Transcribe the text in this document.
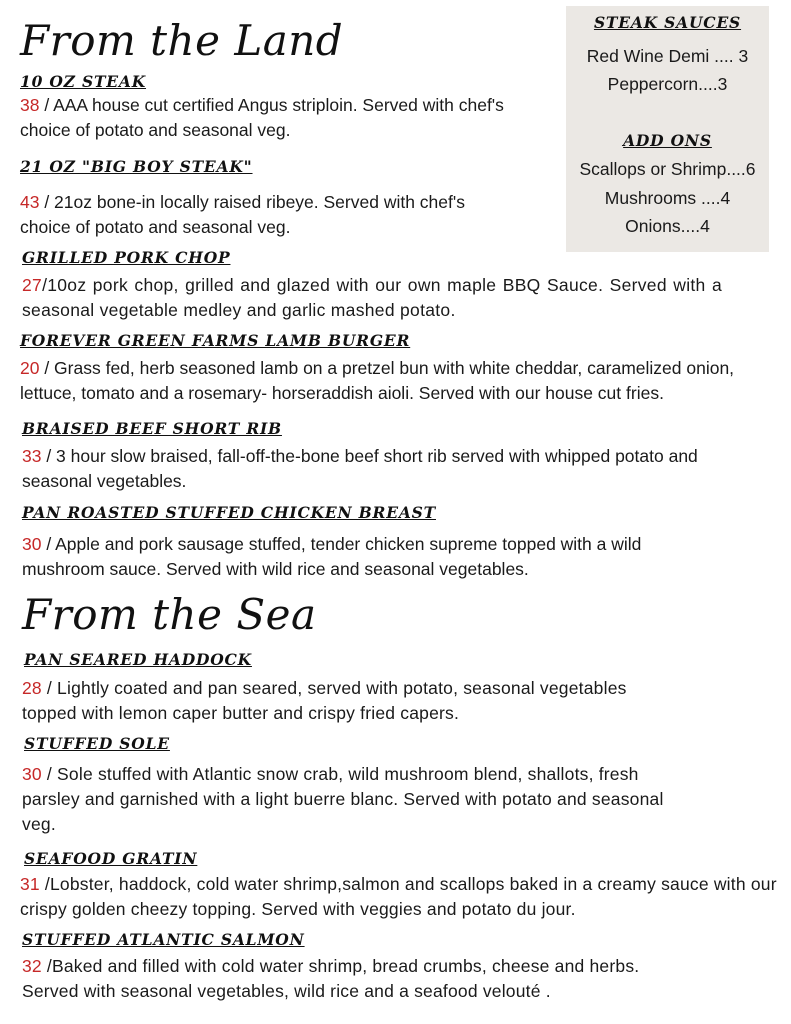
From the Land	STEAK SAUCES

Red Wine Demi .... 3

Peppercorn....3

ADD ONS

Scallops or Shrimp....6

Mushrooms ....4

Onions....4

10 OZ STEAK

38 / AAA house cut certified Angus striploin. Served with chef's choice of potato and seasonal veg.

21 OZ "BIG BOY STEAK"

43 / 21oz bone-in locally raised ribeye. Served with chef's choice of potato and seasonal veg.

GRILLED PORK CHOP

27/10oz pork chop, grilled and glazed with our own maple BBQ Sauce. Served with a seasonal vegetable medley and garlic mashed potato.

FOREVER GREEN FARMS LAMB BURGER

20 / Grass fed, herb seasoned lamb on a pretzel bun with white cheddar, caramelized onion, lettuce, tomato and a rosemary- horseraddish aioli. Served with our house cut fries.

BRAISED BEEF SHORT RIB

33 / 3 hour slow braised, fall-off-the-bone beef short rib served with whipped potato and seasonal vegetables.

PAN ROASTED STUFFED CHICKEN BREAST

30 / Apple and pork sausage stuffed, tender chicken supreme topped with a wild mushroom sauce. Served with wild rice and seasonal vegetables.

From the Sea
PAN SEARED HADDOCK

28 / Lightly coated and pan seared, served with potato, seasonal vegetables topped with lemon caper butter and crispy fried capers.

STUFFED SOLE

30 / Sole stuffed with Atlantic snow crab, wild mushroom blend, shallots, fresh parsley and garnished with a light buerre blanc. Served with potato and seasonal veg.

SEAFOOD GRATIN

31 /Lobster, haddock, cold water shrimp,salmon and scallops baked in a creamy sauce with our crispy golden cheezy topping. Served with veggies and potato du jour.

STUFFED ATLANTIC SALMON

32 /Baked and filled with cold water shrimp, bread crumbs, cheese and herbs. Served with seasonal vegetables, wild rice and a seafood velouté .
